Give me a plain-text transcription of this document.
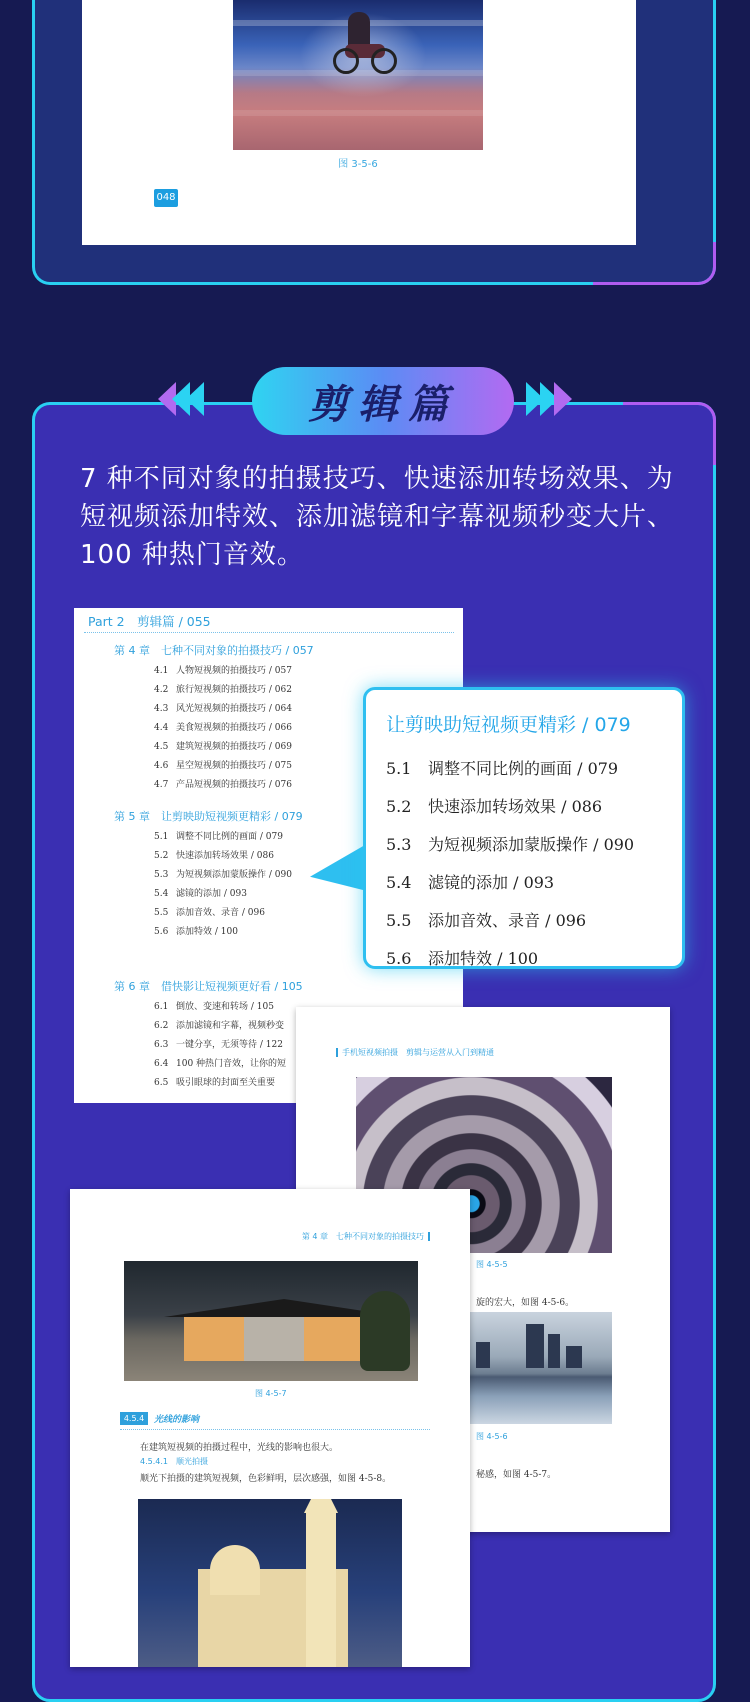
图 3-5-6
048
剪辑篇
7 种不同对象的拍摄技巧、快速添加转场效果、为短视频添加特效、添加滤镜和字幕视频秒变大片、100 种热门音效。
Part 2　剪辑篇 / 055
第 4 章　七种不同对象的拍摄技巧 / 057
4.1 人物短视频的拍摄技巧 / 057
4.2 旅行短视频的拍摄技巧 / 062
4.3 风光短视频的拍摄技巧 / 064
4.4 美食短视频的拍摄技巧 / 066
4.5 建筑短视频的拍摄技巧 / 069
4.6 星空短视频的拍摄技巧 / 075
4.7 产品短视频的拍摄技巧 / 076
第 5 章　让剪映助短视频更精彩 / 079
5.1 调整不同比例的画面 / 079
5.2 快速添加转场效果 / 086
5.3 为短视频添加蒙版操作 / 090
5.4 滤镜的添加 / 093
5.5 添加音效、录音 / 096
5.6 添加特效 / 100
第 6 章　借快影让短视频更好看 / 105
6.1 倒放、变速和转场 / 105
6.2 添加滤镜和字幕，视频秒变
6.3 一键分享，无须等待 / 122
6.4 100 种热门音效，让你的短
6.5 吸引眼球的封面至关重要
让剪映助短视频更精彩 / 079
5.1 调整不同比例的画面 / 079
5.2 快速添加转场效果 / 086
5.3 为短视频添加蒙版操作 / 090
5.4 滤镜的添加 / 093
5.5 添加音效、录音 / 096
5.6 添加特效 / 100
手机短视频拍摄　剪辑与运营从入门到精通
图 4-5-5
旋的宏大，如图 4-5-6。
图 4-5-6
秘感，如图 4-5-7。
第 4 章　七种不同对象的拍摄技巧
图 4-5-7
4.5.4	光线的影响
在建筑短视频的拍摄过程中，光线的影响也很大。
4.5.4.1　顺光拍摄
顺光下拍摄的建筑短视频，色彩鲜明，层次感强，如图 4-5-8。
